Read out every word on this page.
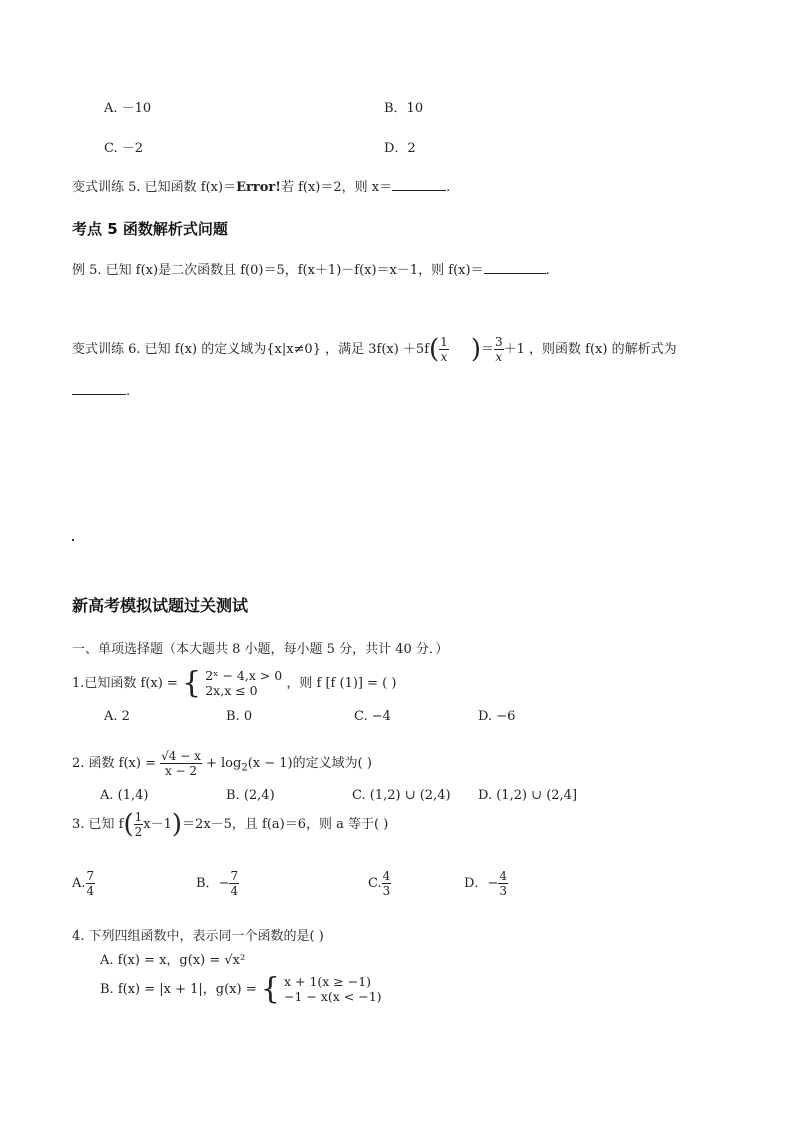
A. －10	B．10
C. －2	D．2
变式训练 5. 已知函数 f(x)＝Error!若 f(x)＝2，则 x＝	.
考点 5 函数解析式问题
例 5. 已知 f(x)是二次函数且 f(0)＝5，f(x＋1)－f(x)＝x－1，则 f(x)＝	.
变式训练 6. 已知 f(x) 的定义域为{x|x≠0} ，满足 $3f(x) +5f( \frac{1}{x}$ )＝ $\frac{3}{x} +1$ ，则函数 f(x) 的解析式为
.
新高考模拟试题过关测试
一、单项选择题（本大题共 8 小题，每小题 5 分，共计 40 分．）
1.已知函数 f(x) = { 2ˣ − 4,x > 0
2x,x ≤ 0	，则 f [f (1)] = ( )
A. 2	B. 0	C. −4	D. −6
2. 函数 $f(x) = \frac{√4 - x}{x - 2} + \log_2(x - 1)$的定义域为( )
A. (1,4)	B. (2,4)	C. (1,2) ∪ (2,4) D. (1,2) ∪ (2,4]
3. 已知 $f( \frac{1}{2} x-1)=2x-5$，且 f(a)＝6，则 a 等于( )
A. $\frac{7}{4}$	B．− $\frac{7}{4}$	C. $\frac{4}{3}$	D．− $\frac{4}{3}$
4. 下列四组函数中，表示同一个函数的是( )
A. f(x) = x，g(x) = √x²
B. f(x) = |x + 1|，g(x) = { x + 1(x ≥ −1)
−1 − x(x < −1)
